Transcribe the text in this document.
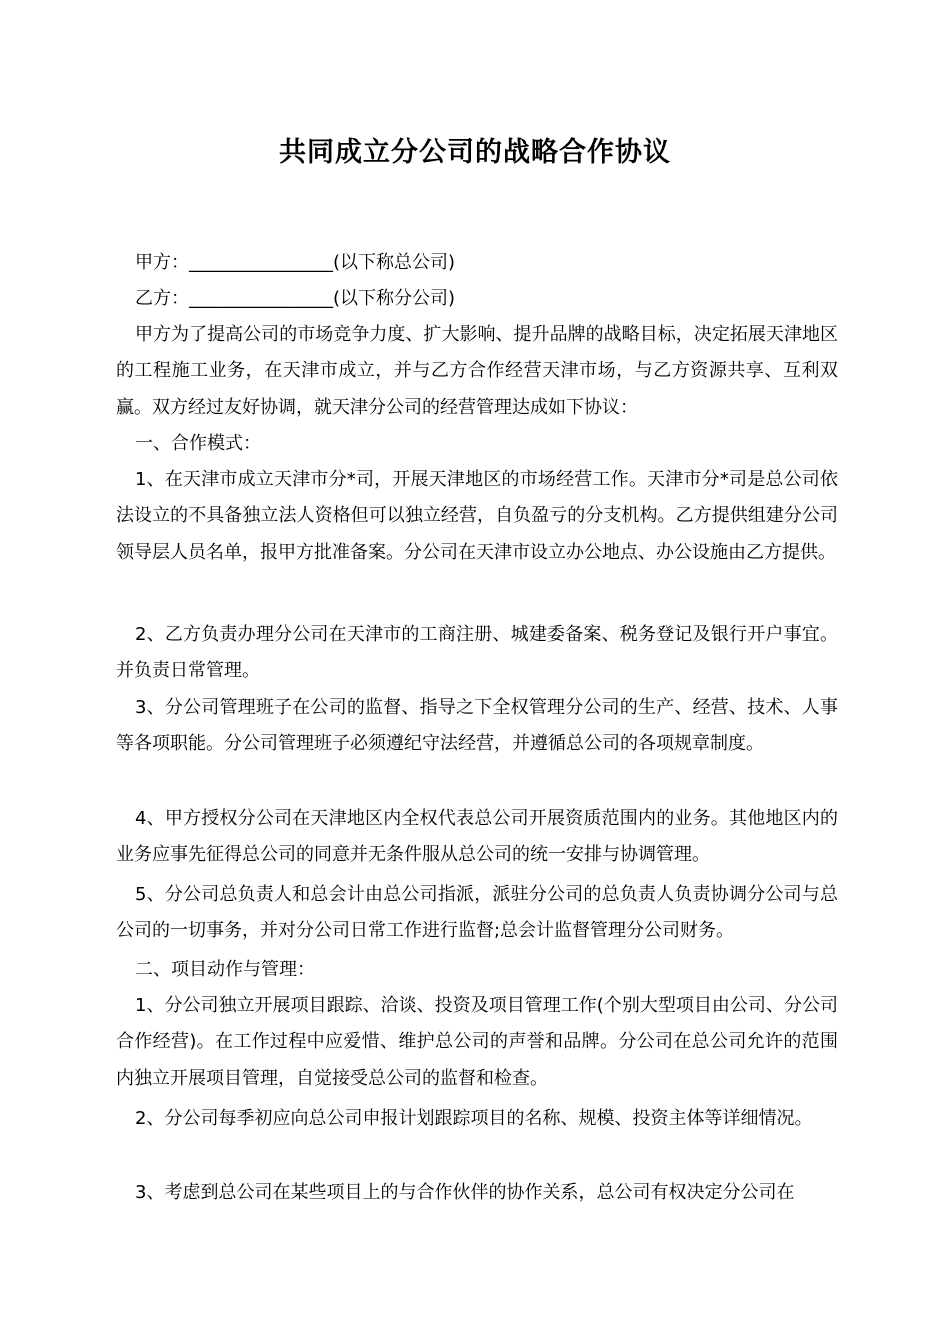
共同成立分公司的战略合作协议

甲方：________________(以下称总公司)

乙方：________________(以下称分公司)

甲方为了提高公司的市场竞争力度、扩大影响、提升品牌的战略目标，决定拓展天津地区的工程施工业务，在天津市成立，并与乙方合作经营天津市场，与乙方资源共享、互利双赢。双方经过友好协调，就天津分公司的经营管理达成如下协议：

一、合作模式：

1、在天津市成立天津市分*司，开展天津地区的市场经营工作。天津市分*司是总公司依法设立的不具备独立法人资格但可以独立经营，自负盈亏的分支机构。乙方提供组建分公司领导层人员名单，报甲方批准备案。分公司在天津市设立办公地点、办公设施由乙方提供。

2、乙方负责办理分公司在天津市的工商注册、城建委备案、税务登记及银行开户事宜。并负责日常管理。

3、分公司管理班子在公司的监督、指导之下全权管理分公司的生产、经营、技术、人事等各项职能。分公司管理班子必须遵纪守法经营，并遵循总公司的各项规章制度。

4、甲方授权分公司在天津地区内全权代表总公司开展资质范围内的业务。其他地区内的业务应事先征得总公司的同意并无条件服从总公司的统一安排与协调管理。

5、分公司总负责人和总会计由总公司指派，派驻分公司的总负责人负责协调分公司与总公司的一切事务，并对分公司日常工作进行监督;总会计监督管理分公司财务。

二、项目动作与管理：

1、分公司独立开展项目跟踪、洽谈、投资及项目管理工作(个别大型项目由公司、分公司合作经营)。在工作过程中应爱惜、维护总公司的声誉和品牌。分公司在总公司允许的范围内独立开展项目管理，自觉接受总公司的监督和检查。

2、分公司每季初应向总公司申报计划跟踪项目的名称、规模、投资主体等详细情况。

3、考虑到总公司在某些项目上的与合作伙伴的协作关系，总公司有权决定分公司在
